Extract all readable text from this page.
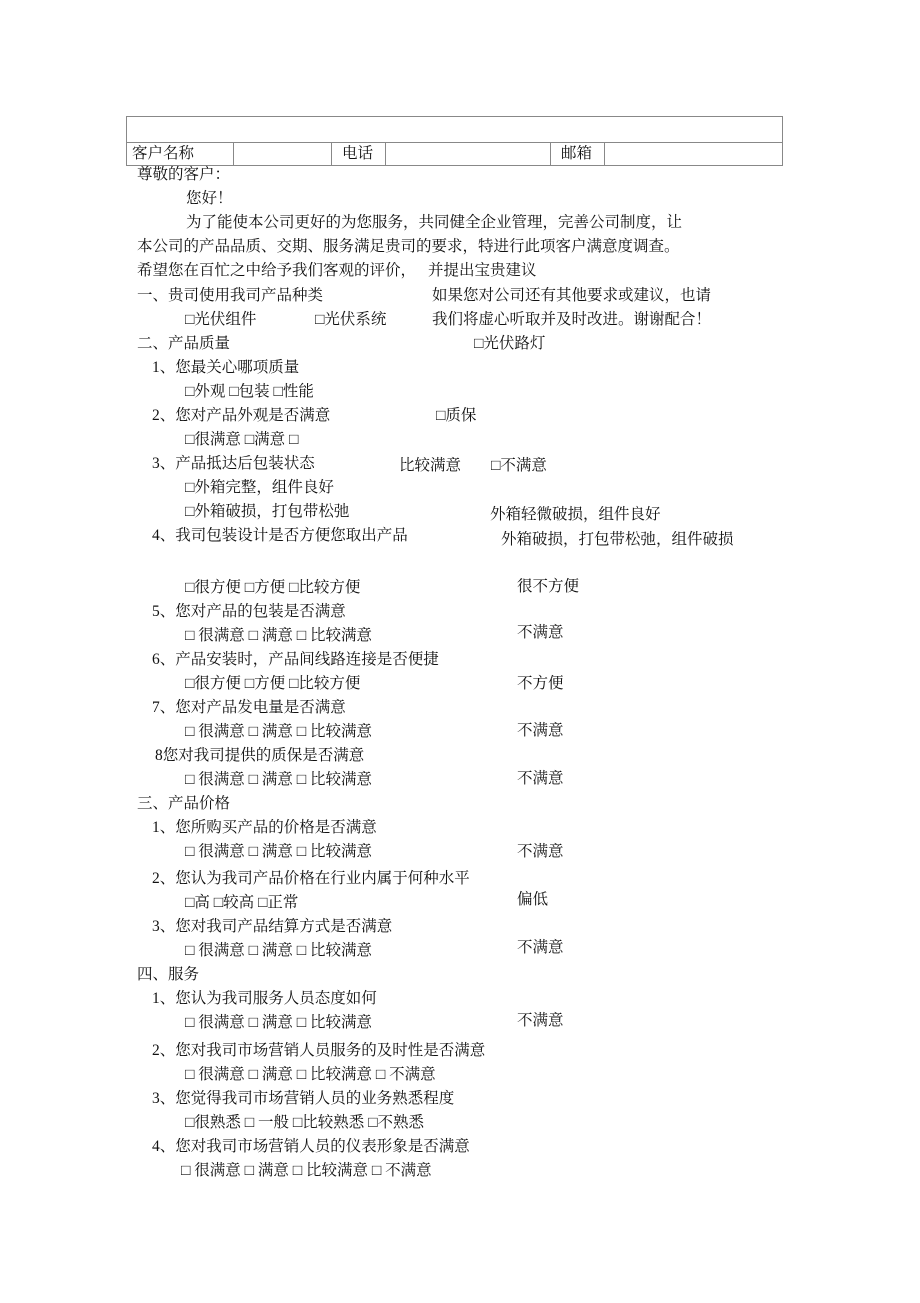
客户名称	电话	邮箱
尊敬的客户：
您好！
为了能使本公司更好的为您服务，共同健全企业管理，完善公司制度，让
本公司的产品品质、交期、服务满足贵司的要求，特进行此项客户满意度调查。
希望您在百忙之中给予我们客观的评价， 并提出宝贵建议
一、贵司使用我司产品种类	如果您对公司还有其他要求或建议，也请
□光伏组件	□光伏系统	我们将虚心听取并及时改进。谢谢配合！
二、产品质量	□光伏路灯
1、您最关心哪项质量
□外观 □包装 □性能
2、您对产品外观是否满意	□质保
□很满意 □满意 □
3、产品抵达后包装状态	比较满意 □不满意
□外箱完整，组件良好
□外箱破损，打包带松弛	外箱轻微破损，组件良好
4、我司包装设计是否方便您取出产品	外箱破损，打包带松弛，组件破损
□很方便 □方便 □比较方便	很不方便
5、您对产品的包装是否满意
□ 很满意 □ 满意 □ 比较满意	不满意
6、产品安装时，产品间线路连接是否便捷
□很方便 □方便 □比较方便	不方便
7、您对产品发电量是否满意
□ 很满意 □ 满意 □ 比较满意	不满意
8您对我司提供的质保是否满意
□ 很满意 □ 满意 □ 比较满意	不满意
三、产品价格
1、您所购买产品的价格是否满意
□ 很满意 □ 满意 □ 比较满意	不满意
2、您认为我司产品价格在行业内属于何种水平
□高 □较高 □正常	偏低
3、您对我司产品结算方式是否满意
□ 很满意 □ 满意 □ 比较满意	不满意
四、服务
1、您认为我司服务人员态度如何
□ 很满意 □ 满意 □ 比较满意	不满意
2、您对我司市场营销人员服务的及时性是否满意
□ 很满意 □ 满意 □ 比较满意 □ 不满意
3、您觉得我司市场营销人员的业务熟悉程度
□很熟悉 □ 一般 □比较熟悉 □不熟悉
4、您对我司市场营销人员的仪表形象是否满意
□ 很满意 □ 满意 □ 比较满意 □ 不满意
